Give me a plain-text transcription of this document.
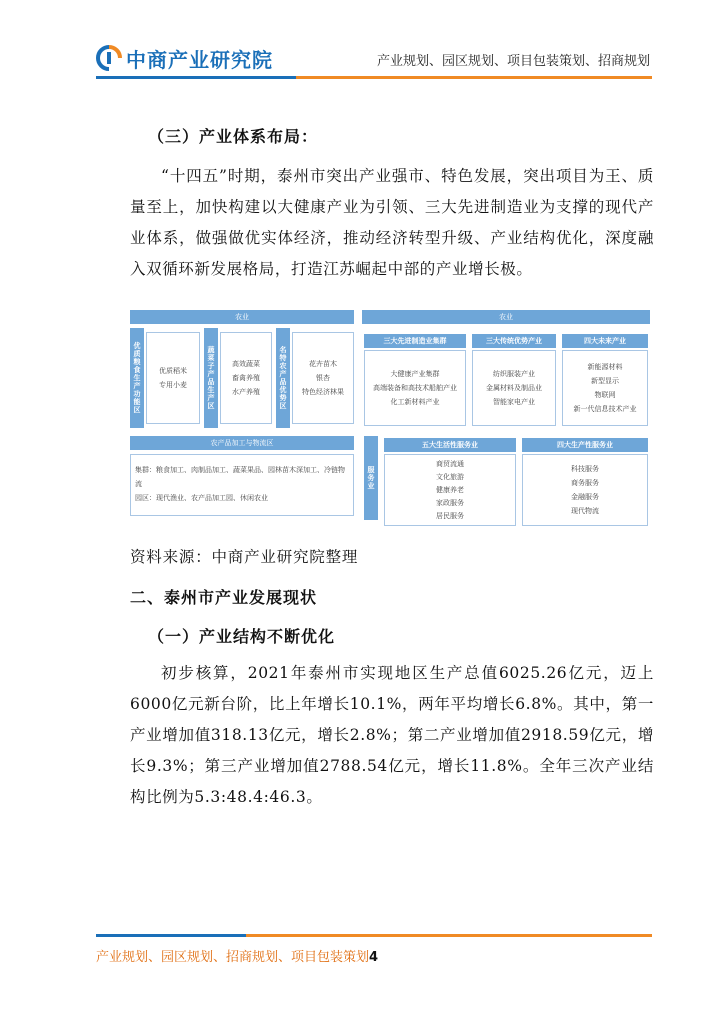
中商产业研究院	产业规划、园区规划、项目包装策划、招商规划
（三）产业体系布局：
“十四五”时期，泰州市突出产业强市、特色发展，突出项目为王、质量至上，加快构建以大健康产业为引领、三大先进制造业为支撑的现代产业体系，做强做优实体经济，推动经济转型升级、产业结构优化，深度融入双循环新发展格局，打造江苏崛起中部的产业增长极。
农业
优质粮食生产功能区	优质稻米
专用小麦	蔬菜子产品生产区	高效蔬菜
畜禽养殖
水产养殖	名特农产品优势区	花卉苗木
银杏
特色经济林果
农业
三大先进制造业集群
大健康产业集群
高端装备和高技术船舶产业
化工新材料产业
三大传统优势产业
纺织服装产业
金属材料及制品业
智能家电产业
四大未来产业
新能源材料
新型显示
物联网
新一代信息技术产业
农产品加工与物流区
集群：粮食加工、肉制品加工、蔬菜果品、园林苗木深加工、冷链物流
园区：现代渔业、农产品加工园、休闲农业
服务业
五大生活性服务业
商贸流通
文化旅游
健康养老
家政服务
居民服务
四大生产性服务业
科技服务
商务服务
金融服务
现代物流
资料来源：中商产业研究院整理
二、泰州市产业发展现状
（一）产业结构不断优化
初步核算，2021年泰州市实现地区生产总值6025.26亿元，迈上6000亿元新台阶，比上年增长10.1%，两年平均增长6.8%。其中，第一产业增加值318.13亿元，增长2.8%；第二产业增加值2918.59亿元，增长9.3%；第三产业增加值2788.54亿元，增长11.8%。全年三次产业结构比例为5.3:48.4:46.3。
产业规划、园区规划、招商规划、项目包装策划4
